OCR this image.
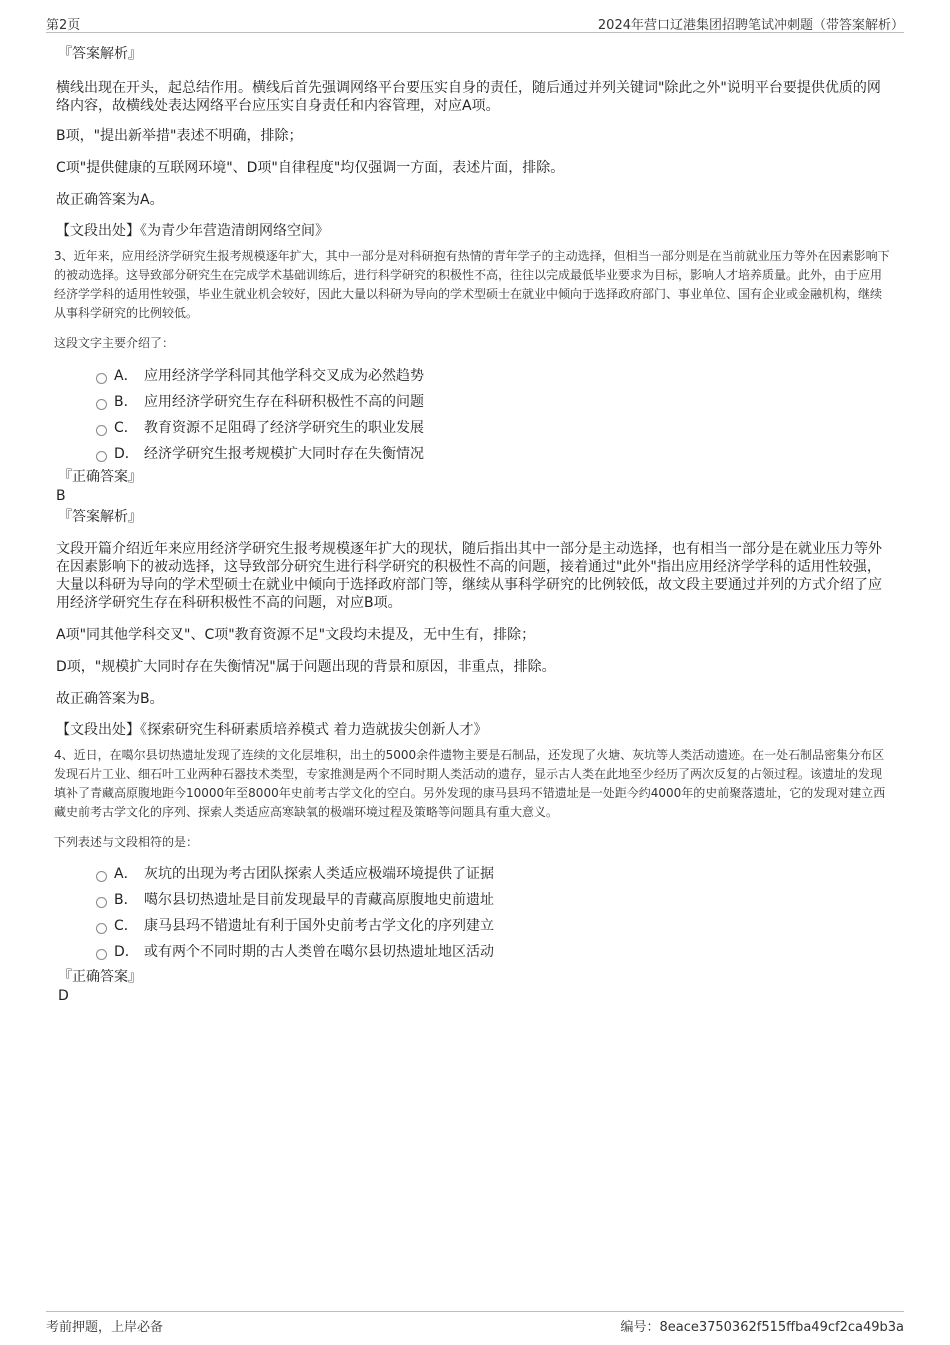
第2页	2024年营口辽港集团招聘笔试冲刺题（带答案解析）

『答案解析』

横线出现在开头，起总结作用。横线后首先强调网络平台要压实自身的责任，随后通过并列关键词"除此之外"说明平台要提供优质的网络内容，故横线处表达网络平台应压实自身责任和内容管理，对应A项。

B项，"提出新举措"表述不明确，排除；

C项"提供健康的互联网环境"、D项"自律程度"均仅强调一方面，表述片面，排除。

故正确答案为A。

【文段出处】《为青少年营造清朗网络空间》

3、近年来，应用经济学研究生报考规模逐年扩大，其中一部分是对科研抱有热情的青年学子的主动选择，但相当一部分则是在当前就业压力等外在因素影响下的被动选择。这导致部分研究生在完成学术基础训练后，进行科学研究的积极性不高，往往以完成最低毕业要求为目标，影响人才培养质量。此外，由于应用经济学学科的适用性较强，毕业生就业机会较好，因此大量以科研为导向的学术型硕士在就业中倾向于选择政府部门、事业单位、国有企业或金融机构，继续从事科学研究的比例较低。

这段文字主要介绍了：

A． 应用经济学学科同其他学科交叉成为必然趋势
B． 应用经济学研究生存在科研积极性不高的问题
C． 教育资源不足阻碍了经济学研究生的职业发展
D． 经济学研究生报考规模扩大同时存在失衡情况

『正确答案』

B

『答案解析』

文段开篇介绍近年来应用经济学研究生报考规模逐年扩大的现状，随后指出其中一部分是主动选择，也有相当一部分是在就业压力等外在因素影响下的被动选择，这导致部分研究生进行科学研究的积极性不高的问题，接着通过"此外"指出应用经济学学科的适用性较强，大量以科研为导向的学术型硕士在就业中倾向于选择政府部门等，继续从事科学研究的比例较低，故文段主要通过并列的方式介绍了应用经济学研究生存在科研积极性不高的问题，对应B项。

A项"同其他学科交叉"、C项"教育资源不足"文段均未提及，无中生有，排除；

D项，"规模扩大同时存在失衡情况"属于问题出现的背景和原因，非重点，排除。

故正确答案为B。

【文段出处】《探索研究生科研素质培养模式 着力造就拔尖创新人才》

4、近日，在噶尔县切热遗址发现了连续的文化层堆积，出土的5000余件遗物主要是石制品，还发现了火塘、灰坑等人类活动遗迹。在一处石制品密集分布区发现石片工业、细石叶工业两种石器技术类型，专家推测是两个不同时期人类活动的遗存，显示古人类在此地至少经历了两次反复的占领过程。该遗址的发现填补了青藏高原腹地距今10000年至8000年史前考古学文化的空白。另外发现的康马县玛不错遗址是一处距今约4000年的史前聚落遗址，它的发现对建立西藏史前考古学文化的序列、探索人类适应高寒缺氧的极端环境过程及策略等问题具有重大意义。

下列表述与文段相符的是：

A． 灰坑的出现为考古团队探索人类适应极端环境提供了证据
B． 噶尔县切热遗址是目前发现最早的青藏高原腹地史前遗址
C． 康马县玛不错遗址有利于国外史前考古学文化的序列建立
D． 或有两个不同时期的古人类曾在噶尔县切热遗址地区活动

『正确答案』

D

考前押题，上岸必备	编号：8eace3750362f515ffba49cf2ca49b3a
